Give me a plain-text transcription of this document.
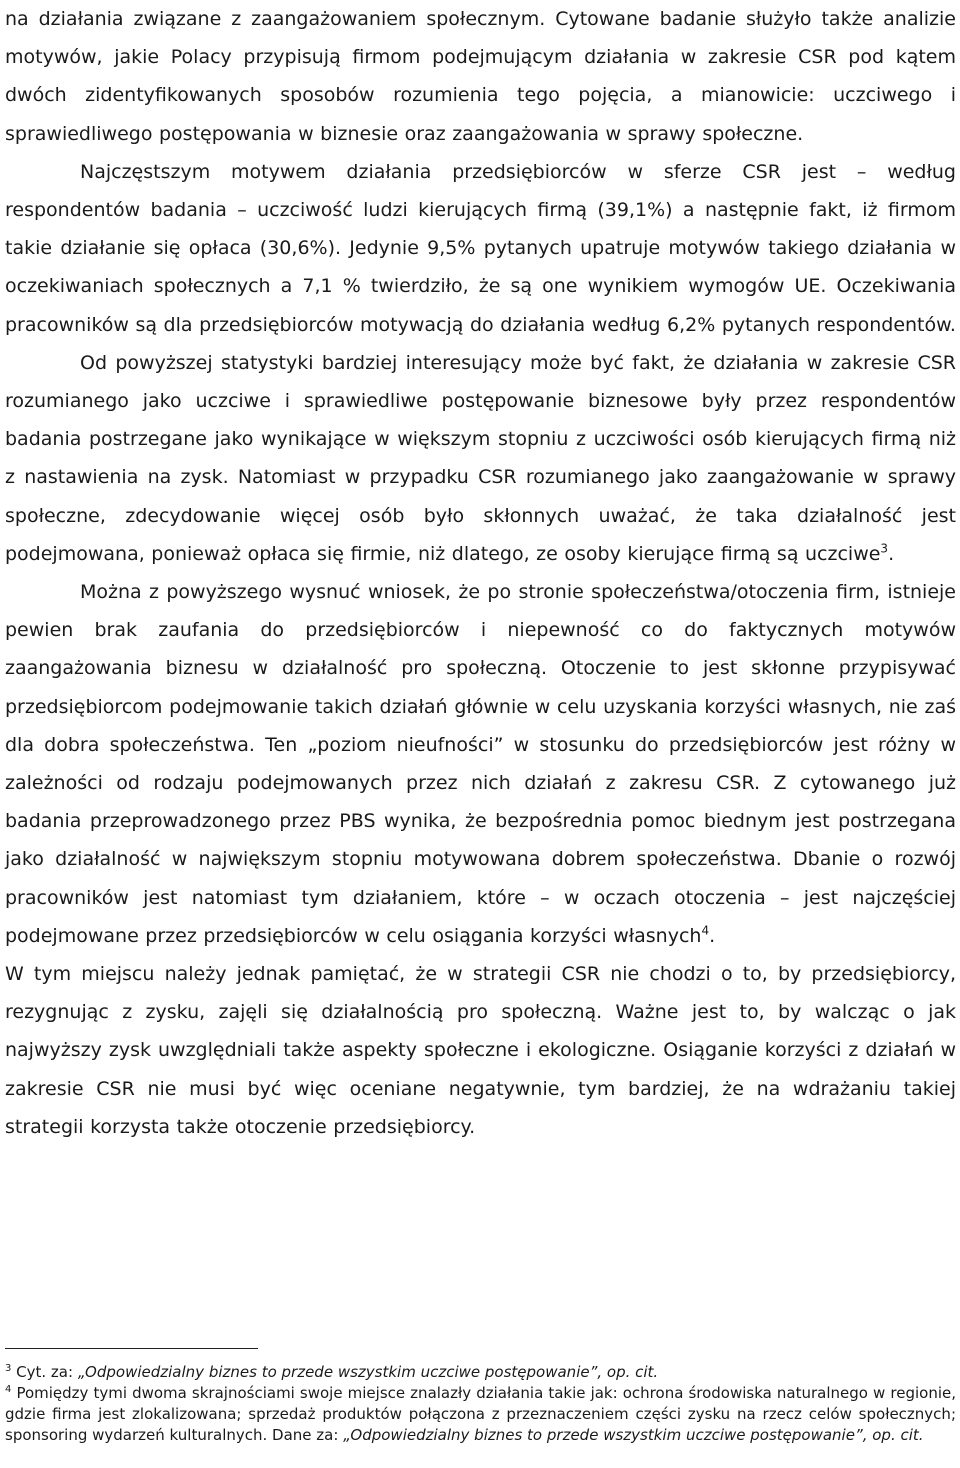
na działania związane z zaangażowaniem społecznym. Cytowane badanie służyło także analizie motywów, jakie Polacy przypisują firmom podejmującym działania w zakresie CSR pod kątem dwóch zidentyfikowanych sposobów rozumienia tego pojęcia, a mianowicie: uczciwego i sprawiedliwego postępowania w biznesie oraz zaangażowania w sprawy społeczne.

Najczęstszym motywem działania przedsiębiorców w sferze CSR jest – według respondentów badania – uczciwość ludzi kierujących firmą (39,1%) a następnie fakt, iż firmom takie działanie się opłaca (30,6%). Jedynie 9,5% pytanych upatruje motywów takiego działania w oczekiwaniach społecznych a 7,1 % twierdziło, że są one wynikiem wymogów UE. Oczekiwania pracowników są dla przedsiębiorców motywacją do działania według 6,2% pytanych respondentów.

Od powyższej statystyki bardziej interesujący może być fakt, że działania w zakresie CSR rozumianego jako uczciwe i sprawiedliwe postępowanie biznesowe były przez respondentów badania postrzegane jako wynikające w większym stopniu z uczciwości osób kierujących firmą niż z nastawienia na zysk. Natomiast w przypadku CSR rozumianego jako zaangażowanie w sprawy społeczne, zdecydowanie więcej osób było skłonnych uważać, że taka działalność jest podejmowana, ponieważ opłaca się firmie, niż dlatego, ze osoby kierujące firmą są uczciwe$^3$.

Można z powyższego wysnuć wniosek, że po stronie społeczeństwa/otoczenia firm, istnieje pewien brak zaufania do przedsiębiorców i niepewność co do faktycznych motywów zaangażowania biznesu w działalność pro społeczną. Otoczenie to jest skłonne przypisywać przedsiębiorcom podejmowanie takich działań głównie w celu uzyskania korzyści własnych, nie zaś dla dobra społeczeństwa. Ten „poziom nieufności” w stosunku do przedsiębiorców jest różny w zależności od rodzaju podejmowanych przez nich działań z zakresu CSR. Z cytowanego już badania przeprowadzonego przez PBS wynika, że bezpośrednia pomoc biednym jest postrzegana jako działalność w największym stopniu motywowana dobrem społeczeństwa. Dbanie o rozwój pracowników jest natomiast tym działaniem, które – w oczach otoczenia – jest najczęściej podejmowane przez przedsiębiorców w celu osiągania korzyści własnych$^4$.

W tym miejscu należy jednak pamiętać, że w strategii CSR nie chodzi o to, by przedsiębiorcy, rezygnując z zysku, zajęli się działalnością pro społeczną. Ważne jest to, by walcząc o jak najwyższy zysk uwzględniali także aspekty społeczne i ekologiczne. Osiąganie korzyści z działań w zakresie CSR nie musi być więc oceniane negatywnie, tym bardziej, że na wdrażaniu takiej strategii korzysta także otoczenie przedsiębiorcy.

$^3$ Cyt. za: „Odpowiedzialny biznes to przede wszystkim uczciwe postępowanie”, op. cit.

$^4$ Pomiędzy tymi dwoma skrajnościami swoje miejsce znalazły działania takie jak: ochrona środowiska naturalnego w regionie, gdzie firma jest zlokalizowana; sprzedaż produktów połączona z przeznaczeniem części zysku na rzecz celów społecznych; sponsoring wydarzeń kulturalnych. Dane za: „Odpowiedzialny biznes to przede wszystkim uczciwe postępowanie”, op. cit.
